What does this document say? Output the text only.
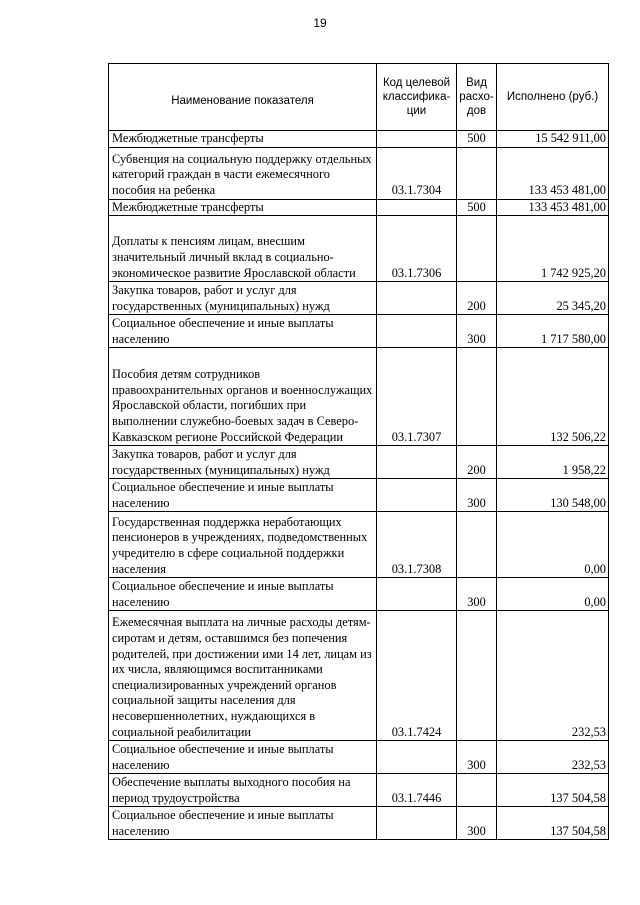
19
Наименование показателя	Код целевой классифика-ции	Вид расхо-дов	Исполнено (руб.)
Межбюджетные трансферты		500	15 542 911,00
Субвенция на социальную поддержку отдельных категорий граждан в части ежемесячного пособия на ребенка	03.1.7304		133 453 481,00
Межбюджетные трансферты		500	133 453 481,00
Доплаты к пенсиям лицам, внесшим значительный личный вклад в социально-экономическое развитие Ярославской области	03.1.7306		1 742 925,20
Закупка товаров, работ и услуг для государственных (муниципальных) нужд		200	25 345,20
Социальное обеспечение и иные выплаты населению		300	1 717 580,00
Пособия детям сотрудников правоохранительных органов и военнослужащих Ярославской области, погибших при выполнении служебно-боевых задач в Северо-Кавказском регионе Российской Федерации	03.1.7307		132 506,22
Закупка товаров, работ и услуг для государственных (муниципальных) нужд		200	1 958,22
Социальное обеспечение и иные выплаты населению		300	130 548,00
Государственная поддержка неработающих пенсионеров в учреждениях, подведомственных учредителю в сфере социальной поддержки населения	03.1.7308		0,00
Социальное обеспечение и иные выплаты населению		300	0,00
Ежемесячная выплата на личные расходы детям-сиротам и детям, оставшимся без попечения родителей, при достижении ими 14 лет, лицам из их числа, являющимся воспитанниками специализированных учреждений органов социальной защиты населения для несовершеннолетних, нуждающихся в социальной реабилитации	03.1.7424		232,53
Социальное обеспечение и иные выплаты населению		300	232,53
Обеспечение выплаты выходного пособия на период трудоустройства	03.1.7446		137 504,58
Социальное обеспечение и иные выплаты населению		300	137 504,58
